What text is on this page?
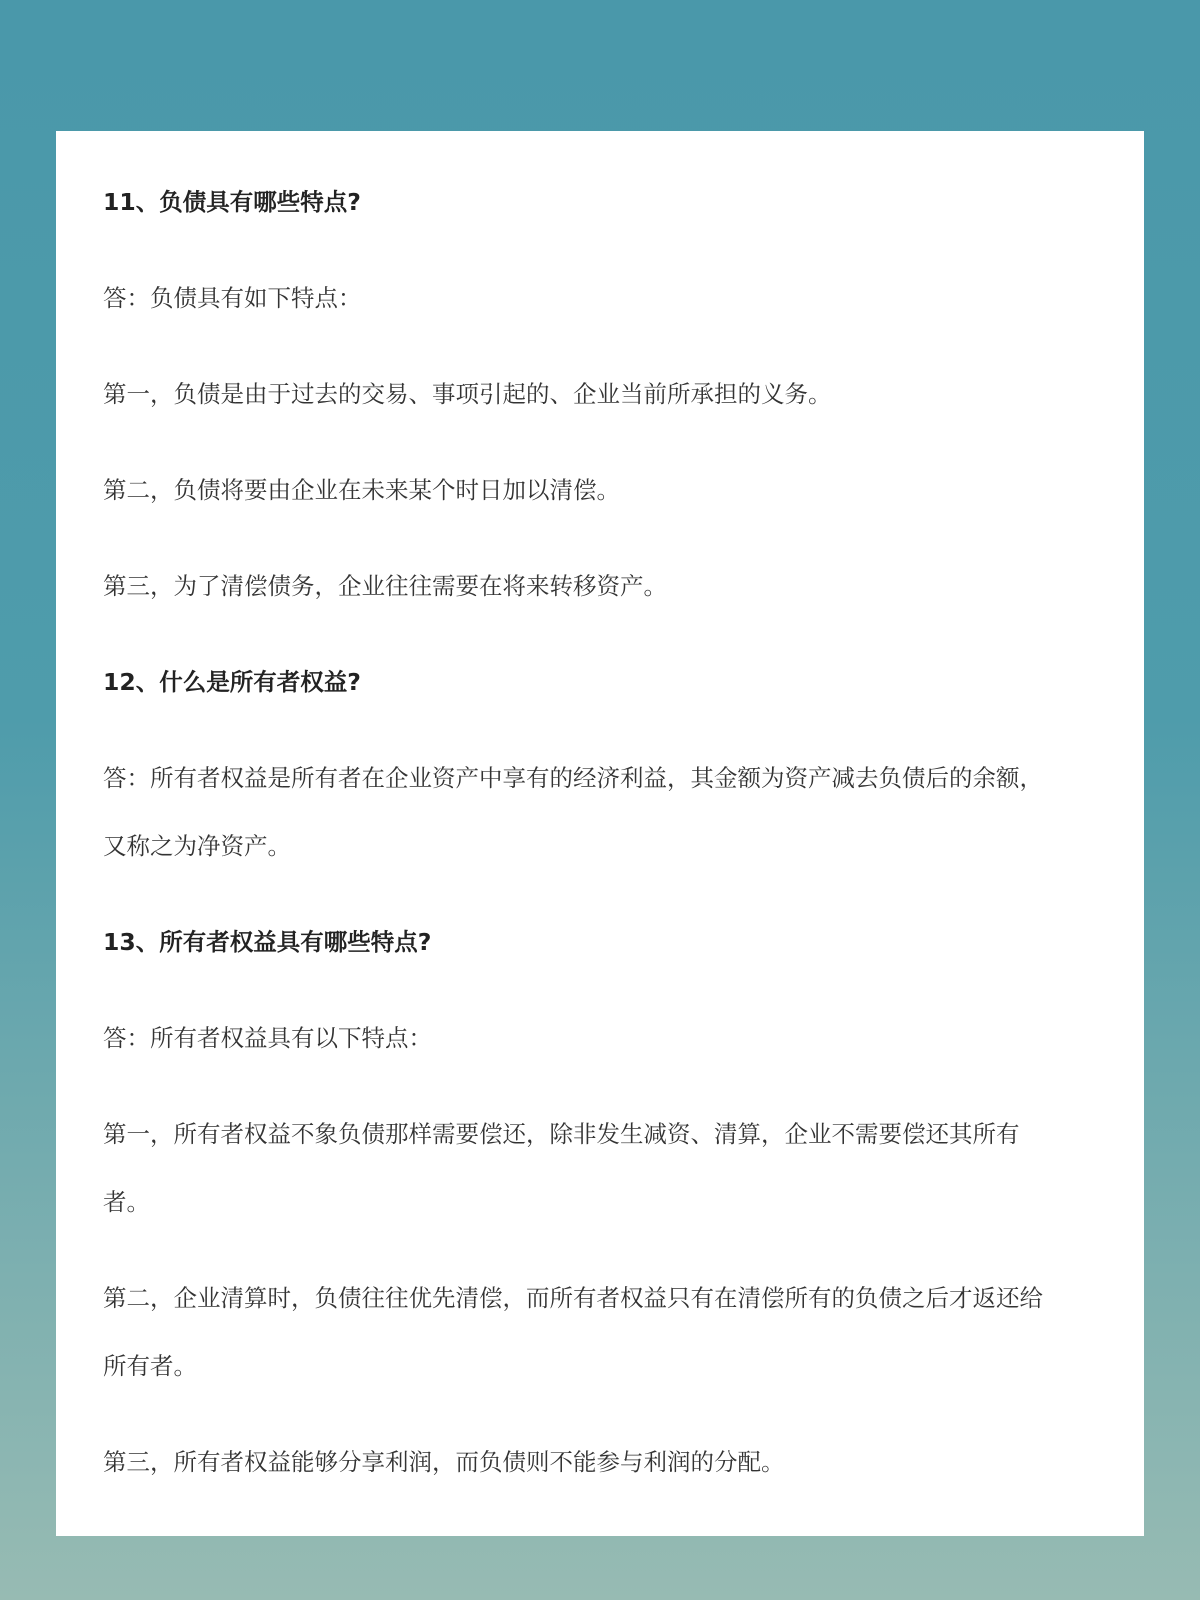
11、负债具有哪些特点?
答：负债具有如下特点：
第一，负债是由于过去的交易、事项引起的、企业当前所承担的义务。
第二，负债将要由企业在未来某个时日加以清偿。
第三，为了清偿债务，企业往往需要在将来转移资产。
12、什么是所有者权益?
答：所有者权益是所有者在企业资产中享有的经济利益，其金额为资产减去负债后的余额，又称之为净资产。
13、所有者权益具有哪些特点?
答：所有者权益具有以下特点：
第一，所有者权益不象负债那样需要偿还，除非发生减资、清算，企业不需要偿还其所有者。
第二，企业清算时，负债往往优先清偿，而所有者权益只有在清偿所有的负债之后才返还给所有者。
第三，所有者权益能够分享利润，而负债则不能参与利润的分配。
